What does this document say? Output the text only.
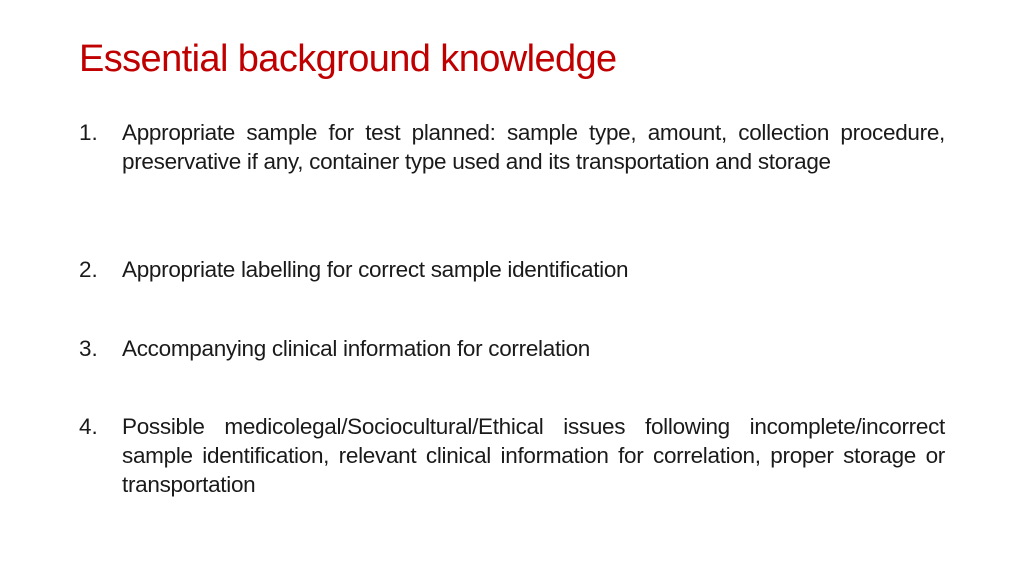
Essential background knowledge
1.	Appropriate sample for test planned: sample type, amount, collection procedure, preservative if any, container type used and its transportation and storage
2.	Appropriate labelling for correct sample identification
3.	Accompanying clinical information for correlation
4.	Possible medicolegal/Sociocultural/Ethical issues following incomplete/incorrect sample identification, relevant clinical information for correlation, proper storage or transportation
